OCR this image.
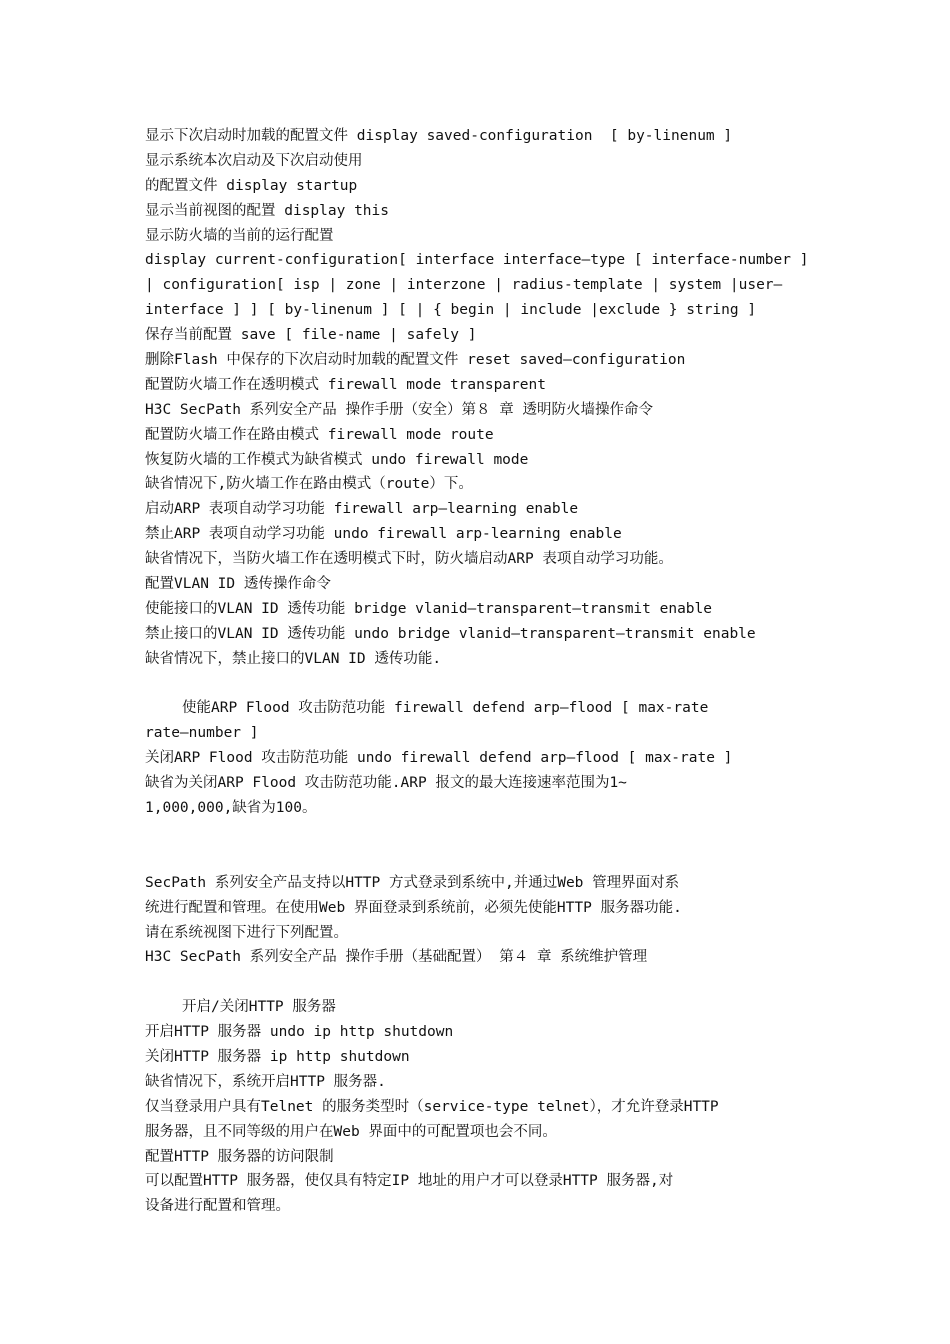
显示下次启动时加载的配置文件 display saved-configuration  [ by-linenum ]
显示系统本次启动及下次启动使用
的配置文件 display startup
显示当前视图的配置 display this
显示防火墙的当前的运行配置
display current-configuration[ interface interface—type [ interface-number ]
| configuration[ isp | zone | interzone | radius-template | system |user—
interface ] ] [ by-linenum ] [ | { begin | include |exclude } string ]
保存当前配置 save [ file-name | safely ]
删除Flash 中保存的下次启动时加载的配置文件 reset saved—configuration
配置防火墙工作在透明模式 firewall mode transparent
H3C SecPath 系列安全产品 操作手册（安全）第８ 章 透明防火墙操作命令
配置防火墙工作在路由模式 firewall mode route
恢复防火墙的工作模式为缺省模式 undo firewall mode
缺省情况下,防火墙工作在路由模式（route）下。
启动ARP 表项自动学习功能 firewall arp—learning enable
禁止ARP 表项自动学习功能 undo firewall arp-learning enable
缺省情况下，当防火墙工作在透明模式下时，防火墙启动ARP 表项自动学习功能。
配置VLAN ID 透传操作命令
使能接口的VLAN ID 透传功能 bridge vlanid—transparent—transmit enable
禁止接口的VLAN ID 透传功能 undo bridge vlanid—transparent—transmit enable
缺省情况下，禁止接口的VLAN ID 透传功能.
使能ARP Flood 攻击防范功能 firewall defend arp—flood [ max-rate
rate—number ]
关闭ARP Flood 攻击防范功能 undo firewall defend arp—flood [ max-rate ]
缺省为关闭ARP Flood 攻击防范功能.ARP 报文的最大连接速率范围为1~
1,000,000,缺省为100。
SecPath 系列安全产品支持以HTTP 方式登录到系统中,并通过Web 管理界面对系
统进行配置和管理。在使用Web 界面登录到系统前，必须先使能HTTP 服务器功能.
请在系统视图下进行下列配置。
H3C SecPath 系列安全产品 操作手册（基础配置） 第４ 章 系统维护管理
开启/关闭HTTP 服务器
开启HTTP 服务器 undo ip http shutdown
关闭HTTP 服务器 ip http shutdown
缺省情况下，系统开启HTTP 服务器.
仅当登录用户具有Telnet 的服务类型时（service-type telnet），才允许登录HTTP
服务器，且不同等级的用户在Web 界面中的可配置项也会不同。
配置HTTP 服务器的访问限制
可以配置HTTP 服务器，使仅具有特定IP 地址的用户才可以登录HTTP 服务器,对
设备进行配置和管理。
